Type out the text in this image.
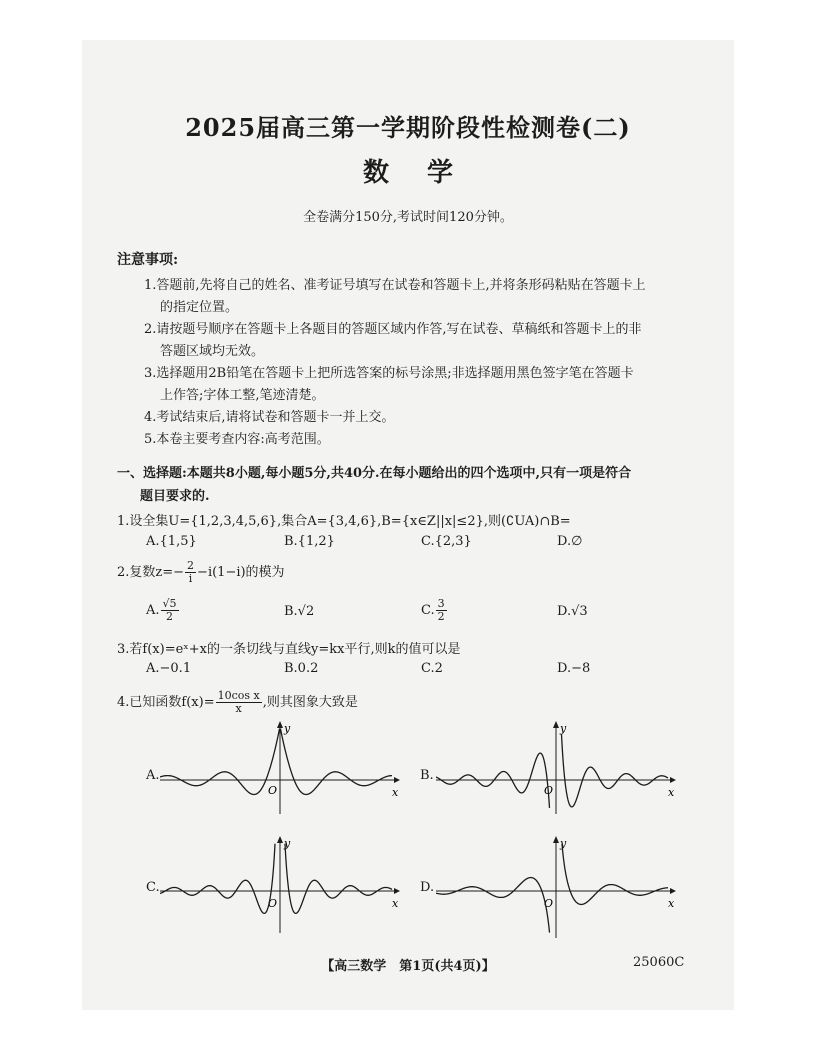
2025届高三第一学期阶段性检测卷(二)
数学
全卷满分150分,考试时间120分钟。
注意事项:
1.答题前,先将自己的姓名、准考证号填写在试卷和答题卡上,并将条形码粘贴在答题卡上
的指定位置。
2.请按题号顺序在答题卡上各题目的答题区域内作答,写在试卷、草稿纸和答题卡上的非
答题区域均无效。
3.选择题用2B铅笔在答题卡上把所选答案的标号涂黑;非选择题用黑色签字笔在答题卡
上作答;字体工整,笔迹清楚。
4.考试结束后,请将试卷和答题卡一并上交。
5.本卷主要考查内容:高考范围。
一、选择题:本题共8小题,每小题5分,共40分.在每小题给出的四个选项中,只有一项是符合
题目要求的.
1.设全集U={1,2,3,4,5,6},集合A={3,4,6},B={x∈Z||x|≤2},则(∁UA)∩B=
A.{1,5}	B.{1,2}	C.{2,3}	D.∅
2.复数$z=- \frac{2}{i} -i(1-i)$的模为
A. $\frac{√5}{2}$	B.√2	C. $\frac{3}{2}$	D.√3
3.若f(x)=eˣ+x的一条切线与直线y=kx平行,则k的值可以是
A.−0.1	B.0.2	C.2	D.−8
4.已知函数$f(x)= \frac{\text{10cos x}}{x}$ ,则其图象大致是
A.	B.
C.	D.
x
y
O	x
y
O
x
y
O	x
y
O
【高三数学　第1页(共4页)】	25060C
